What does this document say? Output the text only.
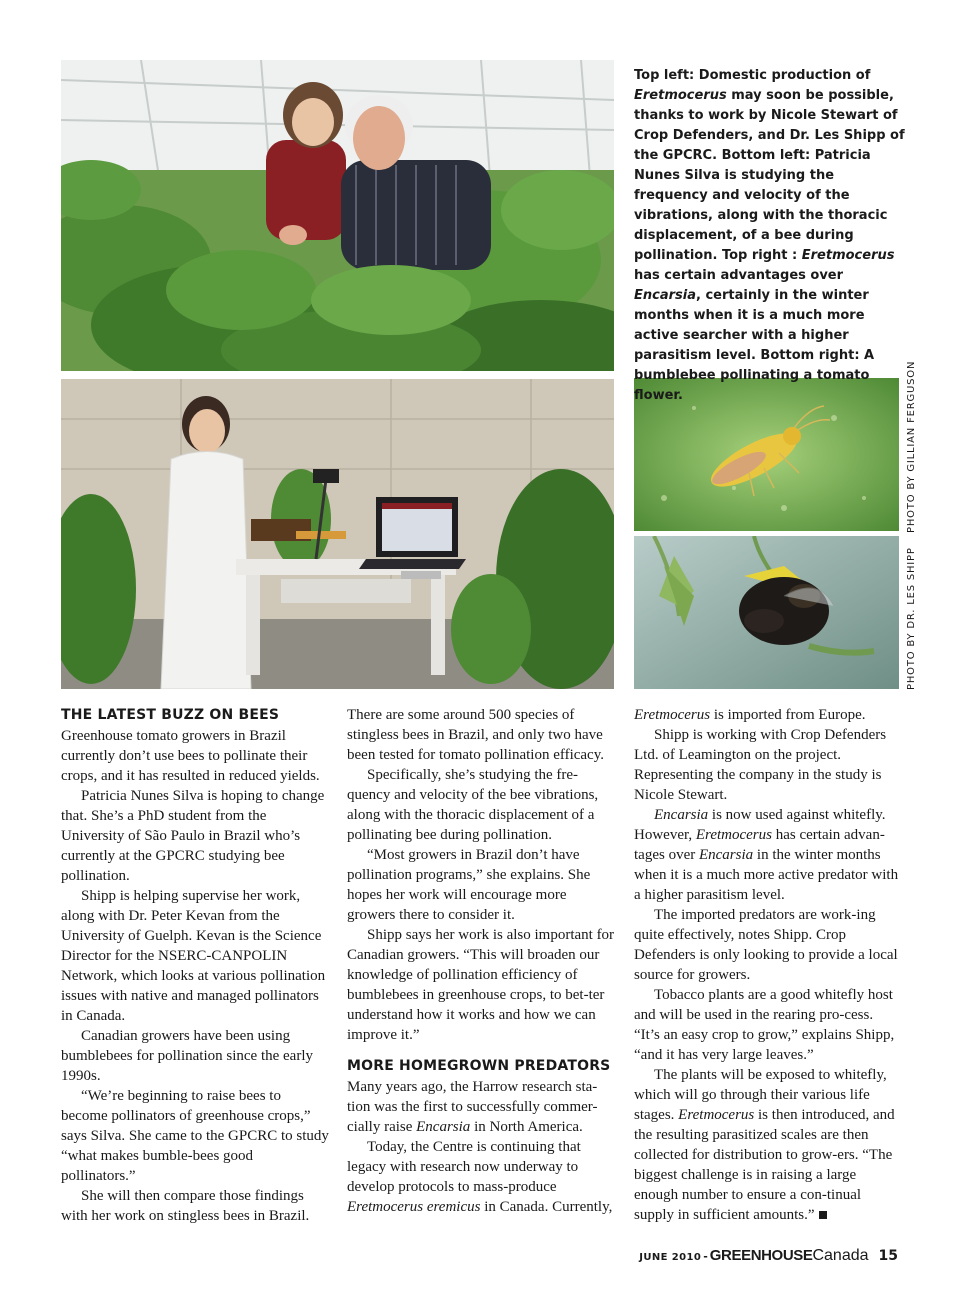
Top left: Domestic production of Eretmocerus may soon be possible, thanks to work by Nicole Stewart of Crop Defenders, and Dr. Les Shipp of the GPCRC. Bottom left: Patricia Nunes Silva is studying the frequency and velocity of the vibrations, along with the thoracic displacement, of a bee during pollination. Top right : Eretmocerus has certain advantages over Encarsia, certainly in the winter months when it is a much more active searcher with a higher parasitism level. Bottom right: A bumblebee pollinating a tomato flower.	PHOTO BY GILLIAN FERGUSON
PHOTO BY DR. LES SHIPP
THE LATEST BUZZ ON BEES

Greenhouse tomato growers in Brazil currently don’t use bees to pollinate their crops, and it has resulted in reduced yields.

Patricia Nunes Silva is hoping to change that. She’s a PhD student from the University of São Paulo in Brazil who’s currently at the GPCRC studying bee pollination.

Shipp is helping supervise her work, along with Dr. Peter Kevan from the University of Guelph. Kevan is the Science Director for the NSERC-CANPOLIN Network, which looks at various pollination issues with native and managed pollinators in Canada.

Canadian growers have been using bumblebees for pollination since the early 1990s.

“We’re beginning to raise bees to become pollinators of greenhouse crops,” says Silva. She came to the GPCRC to study “what makes bumble-bees good pollinators.”

She will then compare those findings with her work on stingless bees in Brazil.

There are some around 500 species of stingless bees in Brazil, and only two have been tested for tomato pollination efficacy.

Specifically, she’s studying the fre-quency and velocity of the bee vibrations, along with the thoracic displacement of a pollinating bee during pollination.

“Most growers in Brazil don’t have pollination programs,” she explains. She hopes her work will encourage more growers there to consider it.

Shipp says her work is also important for Canadian growers. “This will broaden our knowledge of pollination efficiency of bumblebees in greenhouse crops, to bet-ter understand how it works and how we can improve it.”

MORE HOMEGROWN PREDATORS

Many years ago, the Harrow research sta-tion was the first to successfully commer-cially raise Encarsia in North America.

Today, the Centre is continuing that legacy with research now underway to develop protocols to mass-produce Eretmocerus eremicus in Canada. Currently,

Eretmocerus is imported from Europe.

Shipp is working with Crop Defenders Ltd. of Leamington on the project. Representing the company in the study is Nicole Stewart.

Encarsia is now used against whitefly. However, Eretmocerus has certain advan-tages over Encarsia in the winter months when it is a much more active predator with a higher parasitism level.

The imported predators are work-ing quite effectively, notes Shipp. Crop Defenders is only looking to provide a local source for growers.

Tobacco plants are a good whitefly host and will be used in the rearing pro-cess. “It’s an easy crop to grow,” explains Shipp, “and it has very large leaves.”

The plants will be exposed to whitefly, which will go through their various life stages. Eretmocerus is then introduced, and the resulting parasitized scales are then collected for distribution to grow-ers. “The biggest challenge is in raising a large enough number to ensure a con-tinual supply in sufficient amounts.”

JUNE 2010 - GREENHOUSE Canada 15
